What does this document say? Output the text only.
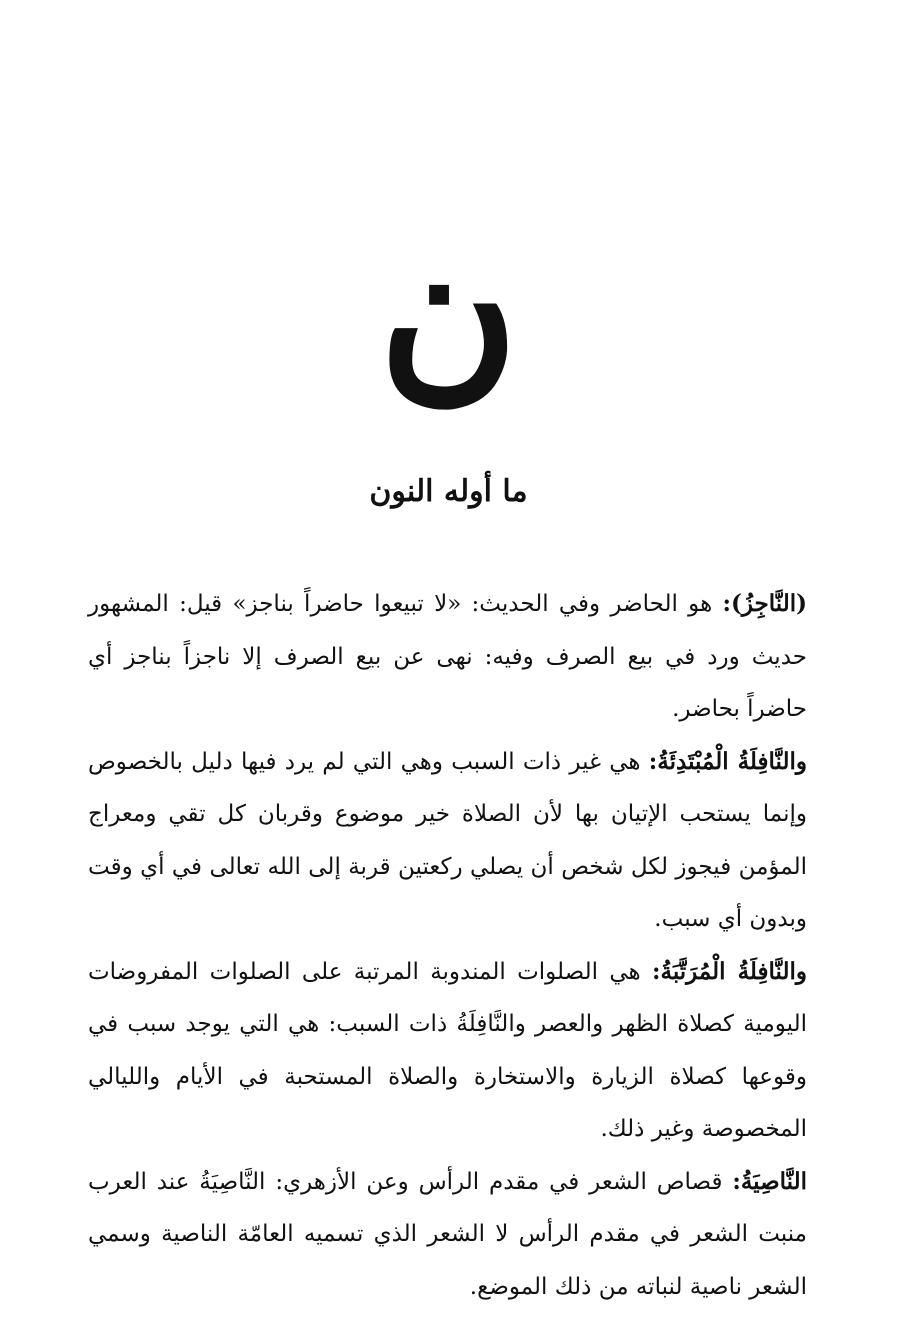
ن
ما أوله النون

(النَّاجِزُ): هو الحاضر وفي الحديث: «لا تبيعوا حاضراً بناجز» قيل: المشهور حديث ورد في بيع الصرف وفيه: نهى عن بيع الصرف إلا ناجزاً بناجز أي حاضراً بحاضر.

والنَّافِلَةُ الْمُبْتَدِئَةُ: هي غير ذات السبب وهي التي لم يرد فيها دليل بالخصوص وإنما يستحب الإتيان بها لأن الصلاة خير موضوع وقربان كل تقي ومعراج المؤمن فيجوز لكل شخص أن يصلي ركعتين قربة إلى الله تعالى في أي وقت وبدون أي سبب.

والنَّافِلَةُ الْمُرَتَّبَةُ: هي الصلوات المندوبة المرتبة على الصلوات المفروضات اليومية كصلاة الظهر والعصر والنَّافِلَةُ ذات السبب: هي التي يوجد سبب في وقوعها كصلاة الزيارة والاستخارة والصلاة المستحبة في الأيام والليالي المخصوصة وغير ذلك.

النَّاصِيَةُ: قصاص الشعر في مقدم الرأس وعن الأزهري: النَّاصِيَةُ عند العرب منبت الشعر في مقدم الرأس لا الشعر الذي تسميه العامّة الناصية وسمي الشعر ناصية لنباته من ذلك الموضع.
